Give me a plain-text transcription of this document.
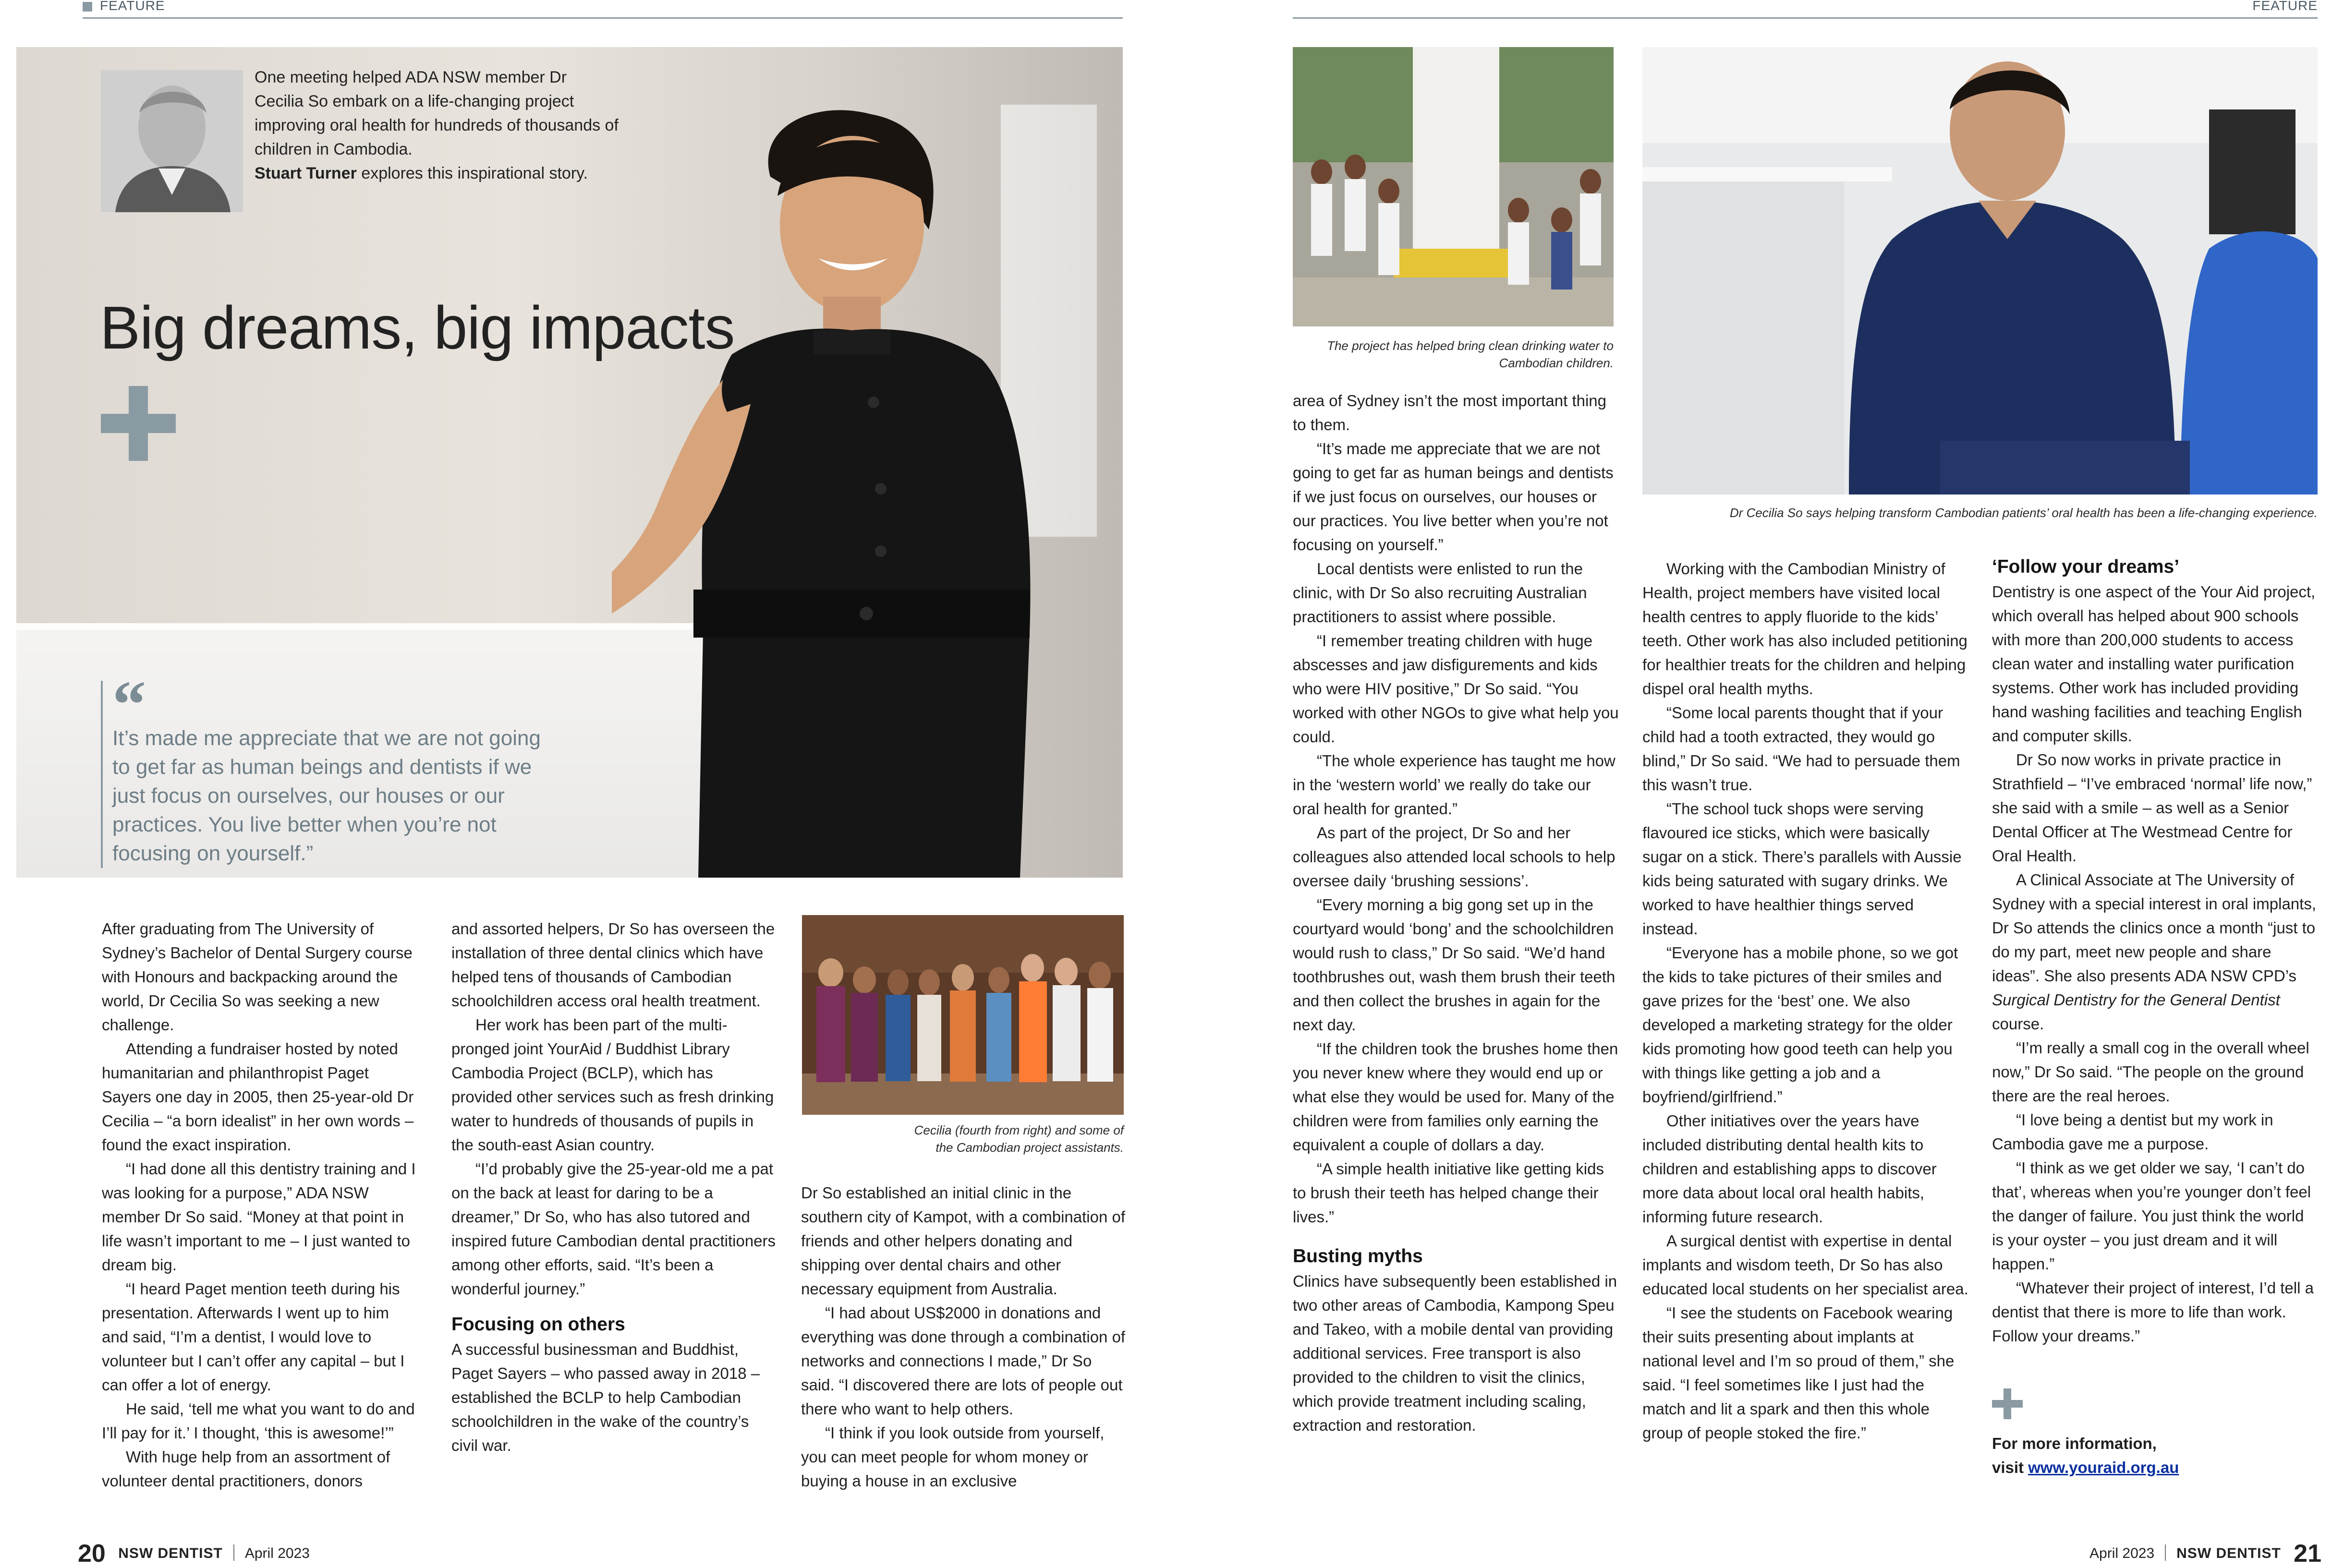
FEATURE	FEATURE
One meeting helped ADA NSW member Dr Cecilia So embark on a life-changing project improving oral health for hundreds of thousands of children in Cambodia.
Stuart Turner explores this inspirational story.
Big dreams, big impacts
“
It’s made me appreciate that we are not going to get far as human beings and dentists if we just focus on ourselves, our houses or our practices. You live better when you’re not focusing on yourself.”

After graduating from The University of Sydney’s Bachelor of Dental Surgery course with Honours and backpacking around the world, Dr Cecilia So was seeking a new challenge.

Attending a fundraiser hosted by noted humanitarian and philanthropist Paget Sayers one day in 2005, then 25-year-old Dr Cecilia – “a born idealist” in her own words – found the exact inspiration.

“I had done all this dentistry training and I was looking for a purpose,” ADA NSW member Dr So said. “Money at that point in life wasn’t important to me – I just wanted to dream big.

“I heard Paget mention teeth during his presentation. Afterwards I went up to him and said, “I’m a dentist, I would love to volunteer but I can’t offer any capital – but I can offer a lot of energy.

He said, ‘tell me what you want to do and I’ll pay for it.’ I thought, ‘this is awesome!’”

With huge help from an assortment of volunteer dental practitioners, donors

and assorted helpers, Dr So has overseen the installation of three dental clinics which have helped tens of thousands of Cambodian schoolchildren access oral health treatment.

Her work has been part of the multi-pronged joint YourAid / Buddhist Library Cambodia Project (BCLP), which has provided other services such as fresh drinking water to hundreds of thousands of pupils in the south-east Asian country.

“I’d probably give the 25-year-old me a pat on the back at least for daring to be a dreamer,” Dr So, who has also tutored and inspired future Cambodian dental practitioners among other efforts, said. “It’s been a wonderful journey.”

Focusing on others

A successful businessman and Buddhist, Paget Sayers – who passed away in 2018 – established the BCLP to help Cambodian schoolchildren in the wake of the country’s civil war.

Cecilia (fourth from right) and some of the Cambodian project assistants.

Dr So established an initial clinic in the southern city of Kampot, with a combination of friends and other helpers donating and shipping over dental chairs and other necessary equipment from Australia.

“I had about US$2000 in donations and everything was done through a combination of networks and connections I made,” Dr So said. “I discovered there are lots of people out there who want to help others.

“I think if you look outside from yourself, you can meet people for whom money or buying a house in an exclusive

The project has helped bring clean drinking water to Cambodian children.
Dr Cecilia So says helping transform Cambodian patients’ oral health has been a life-changing experience.

area of Sydney isn’t the most important thing to them.

“It’s made me appreciate that we are not going to get far as human beings and dentists if we just focus on ourselves, our houses or our practices. You live better when you’re not focusing on yourself.”

Local dentists were enlisted to run the clinic, with Dr So also recruiting Australian practitioners to assist where possible.

“I remember treating children with huge abscesses and jaw disfigurements and kids who were HIV positive,” Dr So said. “You worked with other NGOs to give what help you could.

“The whole experience has taught me how in the ‘western world’ we really do take our oral health for granted.”

As part of the project, Dr So and her colleagues also attended local schools to help oversee daily ‘brushing sessions’.

“Every morning a big gong set up in the courtyard would ‘bong’ and the schoolchildren would rush to class,” Dr So said. “We’d hand toothbrushes out, wash them brush their teeth and then collect the brushes in again for the next day.

“If the children took the brushes home then you never knew where they would end up or what else they would be used for. Many of the children were from families only earning the equivalent a couple of dollars a day.

“A simple health initiative like getting kids to brush their teeth has helped change their lives.”

Busting myths

Clinics have subsequently been established in two other areas of Cambodia, Kampong Speu and Takeo, with a mobile dental van providing additional services. Free transport is also provided to the children to visit the clinics, which provide treatment including scaling, extraction and restoration.

Working with the Cambodian Ministry of Health, project members have visited local health centres to apply fluoride to the kids’ teeth. Other work has also included petitioning for healthier treats for the children and helping dispel oral health myths.

“Some local parents thought that if your child had a tooth extracted, they would go blind,” Dr So said. “We had to persuade them this wasn’t true.

“The school tuck shops were serving flavoured ice sticks, which were basically sugar on a stick. There’s parallels with Aussie kids being saturated with sugary drinks. We worked to have healthier things served instead.

“Everyone has a mobile phone, so we got the kids to take pictures of their smiles and gave prizes for the ‘best’ one. We also developed a marketing strategy for the older kids promoting how good teeth can help you with things like getting a job and a boyfriend/girlfriend.”

Other initiatives over the years have included distributing dental health kits to children and establishing apps to discover more data about local oral health habits, informing future research.

A surgical dentist with expertise in dental implants and wisdom teeth, Dr So has also educated local students on her specialist area.

“I see the students on Facebook wearing their suits presenting about implants at national level and I’m so proud of them,” she said. “I feel sometimes like I just had the match and lit a spark and then this whole group of people stoked the fire.”

‘Follow your dreams’

Dentistry is one aspect of the Your Aid project, which overall has helped about 900 schools with more than 200,000 students to access clean water and installing water purification systems. Other work has included providing hand washing facilities and teaching English and computer skills.

Dr So now works in private practice in Strathfield – “I’ve embraced ‘normal’ life now,” she said with a smile – as well as a Senior Dental Officer at The Westmead Centre for Oral Health.

A Clinical Associate at The University of Sydney with a special interest in oral implants, Dr So attends the clinics once a month “just to do my part, meet new people and share ideas”. She also presents ADA NSW CPD’s Surgical Dentistry for the General Dentist course.

“I’m really a small cog in the overall wheel now,” Dr So said. “The people on the ground there are the real heroes.

“I love being a dentist but my work in Cambodia gave me a purpose.

“I think as we get older we say, ‘I can’t do that’, whereas when you’re younger don’t feel the danger of failure. You just think the world is your oyster – you just dream and it will happen.”

“Whatever their project of interest, I’d tell a dentist that there is more to life than work. Follow your dreams.”

For more information,

visit www.youraid.org.au

20 NSW DENTIST April 2023	April 2023 NSW DENTIST 21
